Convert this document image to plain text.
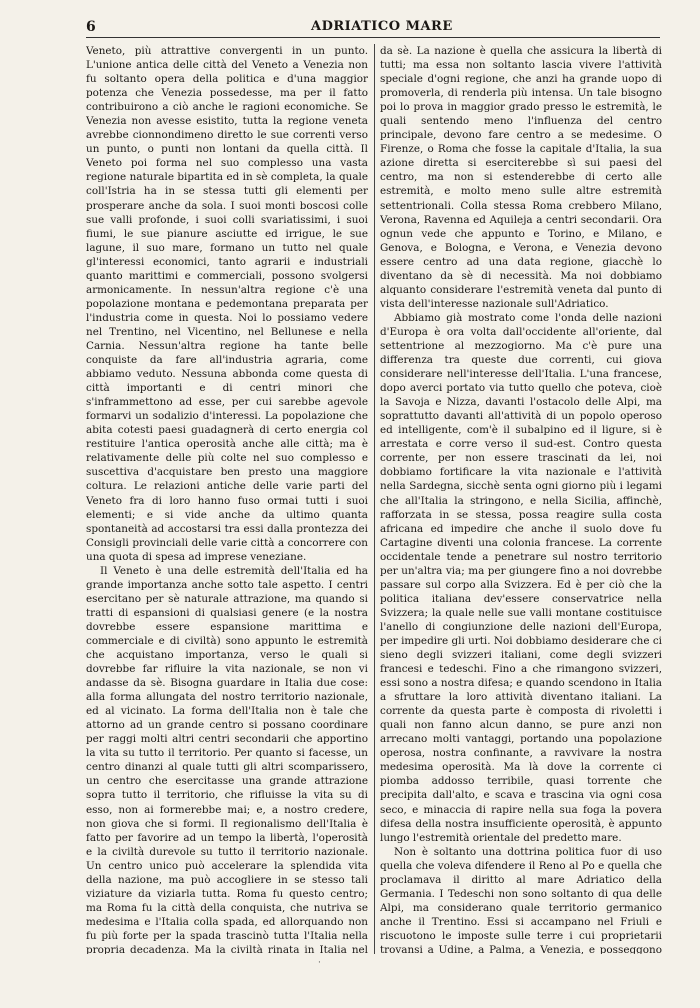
6	ADRIATICO MARE

Veneto, più attrattive convergenti in un punto. L'unione antica delle città del Veneto a Venezia non fu soltanto opera della politica e d'una maggior potenza che Venezia possedesse, ma per il fatto contribuirono a ciò anche le ragioni economiche. Se Venezia non avesse esistito, tutta la regione veneta avrebbe cionnondimeno diretto le sue correnti verso un punto, o punti non lontani da quella città. Il Veneto poi forma nel suo complesso una vasta regione naturale bipartita ed in sè completa, la quale coll'Istria ha in se stessa tutti gli elementi per prosperare anche da sola. I suoi monti boscosi colle sue valli profonde, i suoi colli svariatissimi, i suoi fiumi, le sue pianure asciutte ed irrigue, le sue lagune, il suo mare, formano un tutto nel quale gl'interessi economici, tanto agrarii e industriali quanto marittimi e commerciali, possono svolgersi armonicamente. In nessun'altra regione c'è una popolazione montana e pedemontana preparata per l'industria come in questa. Noi lo possiamo vedere nel Trentino, nel Vicentino, nel Bellunese e nella Carnia. Nessun'altra regione ha tante belle conquiste da fare all'industria agraria, come abbiamo veduto. Nessuna abbonda come questa di città importanti e di centri minori che s'inframmettono ad esse, per cui sarebbe agevole formarvi un sodalizio d'interessi. La popolazione che abita cotesti paesi guadagnerà di certo energia col restituire l'antica operosità anche alle città; ma è relativamente delle più colte nel suo complesso e suscettiva d'acquistare ben presto una maggiore coltura. Le relazioni antiche delle varie parti del Veneto fra di loro hanno fuso ormai tutti i suoi elementi; e si vide anche da ultimo quanta spontaneità ad accostarsi tra essi dalla prontezza dei Consigli provinciali delle varie città a concorrere con una quota di spesa ad imprese veneziane.

Il Veneto è una delle estremità dell'Italia ed ha grande importanza anche sotto tale aspetto. I centri esercitano per sè naturale attrazione, ma quando si tratti di espansioni di qualsiasi genere (e la nostra dovrebbe essere espansione marittima e commerciale e di civiltà) sono appunto le estremità che acquistano importanza, verso le quali si dovrebbe far rifluire la vita nazionale, se non vi andasse da sè. Bisogna guardare in Italia due cose: alla forma allungata del nostro territorio nazionale, ed al vicinato. La forma dell'Italia non è tale che attorno ad un grande centro si possano coordinare per raggi molti altri centri secondarii che apportino la vita su tutto il territorio. Per quanto si facesse, un centro dinanzi al quale tutti gli altri scomparissero, un centro che esercitasse una grande attrazione sopra tutto il territorio, che rifluisse la vita su di esso, non ai formerebbe mai; e, a nostro credere, non giova che si formi. Il regionalismo dell'Italia è fatto per favorire ad un tempo la libertà, l'operosità e la civiltà durevole su tutto il territorio nazionale. Un centro unico può accelerare la splendida vita della nazione, ma può accogliere in se stesso tali viziature da viziarla tutta. Roma fu questo centro; ma Roma fu la città della conquista, che nutriva se medesima e l'Italia colla spada, ed allorquando non fu più forte per la spada trascinò tutta l'Italia nella propria decadenza. Ma la civiltà rinata in Italia nel

da sè. La nazione è quella che assicura la libertà di tutti; ma essa non soltanto lascia vivere l'attività speciale d'ogni regione, che anzi ha grande uopo di promoverla, di renderla più intensa. Un tale bisogno poi lo prova in maggior grado presso le estremità, le quali sentendo meno l'influenza del centro principale, devono fare centro a se medesime. O Firenze, o Roma che fosse la capitale d'Italia, la sua azione diretta si eserciterebbe sì sui paesi del centro, ma non si estenderebbe di certo alle estremità, e molto meno sulle altre estremità settentrionali. Colla stessa Roma crebbero Milano, Verona, Ravenna ed Aquileja a centri secondarii. Ora ognun vede che appunto e Torino, e Milano, e Genova, e Bologna, e Verona, e Venezia devono essere centro ad una data regione, giacchè lo diventano da sè di necessità. Ma noi dobbiamo alquanto considerare l'estremità veneta dal punto di vista dell'interesse nazionale sull'Adriatico.

Abbiamo già mostrato come l'onda delle nazioni d'Europa è ora volta dall'occidente all'oriente, dal settentrione al mezzogiorno. Ma c'è pure una differenza tra queste due correnti, cui giova considerare nell'interesse dell'Italia. L'una francese, dopo averci portato via tutto quello che poteva, cioè la Savoja e Nizza, davanti l'ostacolo delle Alpi, ma soprattutto davanti all'attività di un popolo operoso ed intelligente, com'è il subalpino ed il ligure, si è arrestata e corre verso il sud-est. Contro questa corrente, per non essere trascinati da lei, noi dobbiamo fortificare la vita nazionale e l'attività nella Sardegna, sicchè senta ogni giorno più i legami che all'Italia la stringono, e nella Sicilia, affinchè, rafforzata in se stessa, possa reagire sulla costa africana ed impedire che anche il suolo dove fu Cartagine diventi una colonia francese. La corrente occidentale tende a penetrare sul nostro territorio per un'altra via; ma per giungere fino a noi dovrebbe passare sul corpo alla Svizzera. Ed è per ciò che la politica italiana dev'essere conservatrice nella Svizzera; la quale nelle sue valli montane costituisce l'anello di congiunzione delle nazioni dell'Europa, per impedire gli urti. Noi dobbiamo desiderare che ci sieno degli svizzeri italiani, come degli svizzeri francesi e tedeschi. Fino a che rimangono svizzeri, essi sono a nostra difesa; e quando scendono in Italia a sfruttare la loro attività diventano italiani. La corrente da questa parte è composta di rivoletti i quali non fanno alcun danno, se pure anzi non arrecano molti vantaggi, portando una popolazione operosa, nostra confinante, a ravvivare la nostra medesima operosità. Ma là dove la corrente ci piomba addosso terribile, quasi torrente che precipita dall'alto, e scava e trascina via ogni cosa seco, e minaccia di rapire nella sua foga la povera difesa della nostra insufficiente operosità, è appunto lungo l'estremità orientale del predetto mare.

Non è soltanto una dottrina politica fuor di uso quella che voleva difendere il Reno al Po e quella che proclamava il diritto al mare Adriatico della Germania. I Tedeschi non sono soltanto di qua delle Alpi, ma considerano quale territorio germanico anche il Trentino. Essi si accampano nel Friuli e riscuotono le imposte sulle terre i cui proprietarii trovansi a Udine, a Palma, a Venezia, e posseggono

·
